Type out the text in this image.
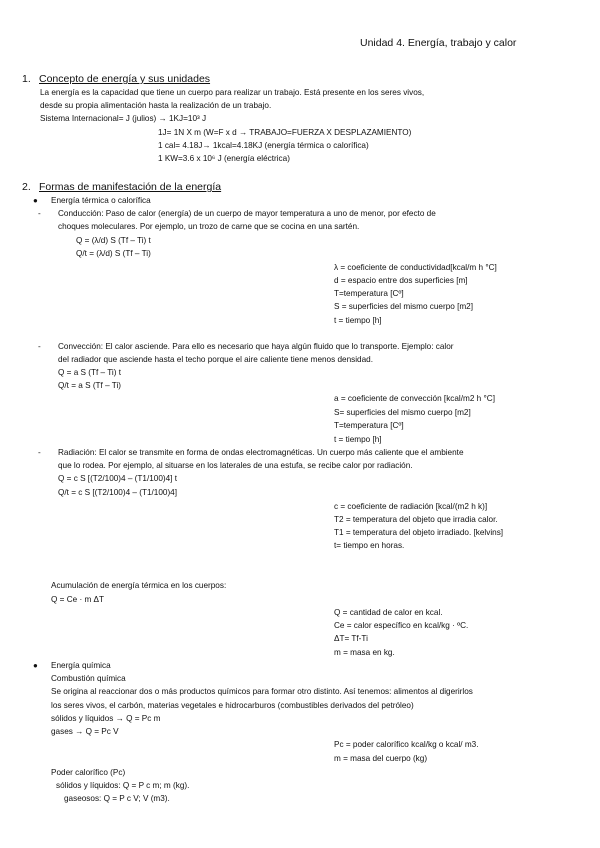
Unidad 4. Energía, trabajo y calor
1. Concepto de energía y sus unidades
La energía es la capacidad que tiene un cuerpo para realizar un trabajo. Está presente en los seres vivos,
desde su propia alimentación hasta la realización de un trabajo.
Sistema Internacional= J (julios) → 1KJ=10³ J
1J= 1N X m (W=F x d → TRABAJO=FUERZA X DESPLAZAMIENTO)
1 cal= 4.18J→ 1kcal=4.18KJ (energía térmica o calorífica)
1 KW=3.6 x 10⁶ J (energía eléctrica)
2. Formas de manifestación de la energía
● Energía térmica o calorífica
- Conducción: Paso de calor (energía) de un cuerpo de mayor temperatura a uno de menor, por efecto de
choques moleculares. Por ejemplo, un trozo de carne que se cocina en una sartén.
Q = (λ/d) S (Tf – Ti) t
Q/t = (λ/d) S (Tf – Ti)
λ = coeficiente de conductividad[kcal/m h °C]
d = espacio entre dos superficies [m]
T=temperatura [Cº]
S = superficies del mismo cuerpo [m2]
t = tiempo [h]
- Convección: El calor asciende. Para ello es necesario que haya algún fluido que lo transporte. Ejemplo: calor
del radiador que asciende hasta el techo porque el aire caliente tiene menos densidad.
Q = a S (Tf – Ti) t
Q/t = a S (Tf – Ti)
a = coeficiente de convección [kcal/m2 h °C]
S= superficies del mismo cuerpo [m2]
T=temperatura [Cº]
t = tiempo [h]
- Radiación: El calor se transmite en forma de ondas electromagnéticas. Un cuerpo más caliente que el ambiente
que lo rodea. Por ejemplo, al situarse en los laterales de una estufa, se recibe calor por radiación.
Q = c S [(T2/100)4 – (T1/100)4] t
Q/t = c S [(T2/100)4 – (T1/100)4]
c = coeficiente de radiación [kcal/(m2 h k)]
T2 = temperatura del objeto que irradia calor.
T1 = temperatura del objeto irradiado. [kelvins]
t= tiempo en horas.
Acumulación de energía térmica en los cuerpos:
Q = Ce · m ΔT
Q = cantidad de calor en kcal.
Ce = calor específico en kcal/kg · ºC.
ΔT= Tf-Ti
m = masa en kg.
● Energía química
Combustión química
Se origina al reaccionar dos o más productos químicos para formar otro distinto. Así tenemos: alimentos al digerirlos
los seres vivos, el carbón, materias vegetales e hidrocarburos (combustibles derivados del petróleo)
sólidos y líquidos → Q = Pc m
gases → Q = Pc V
Pc = poder calorífico kcal/kg o kcal/ m3.
m = masa del cuerpo (kg)
Poder calorífico (Pc)
sólidos y líquidos: Q = P c m; m (kg).
gaseosos: Q = P c V; V (m3).
